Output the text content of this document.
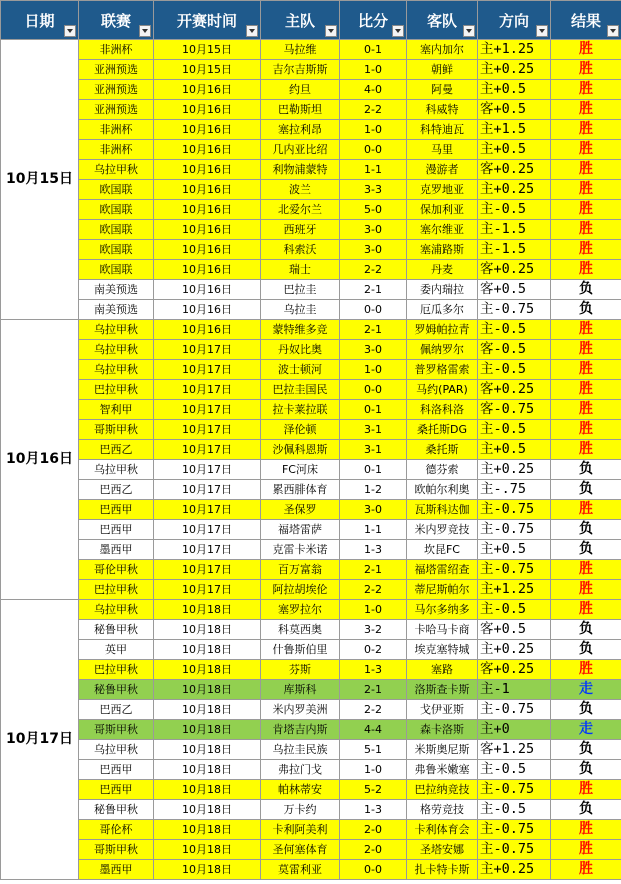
日期	联赛	开赛时间	主队	比分	客队	方向	结果

10月15日	非洲杯	10月15日	马拉维	0-1	塞内加尔	主+1.25	胜
	亚洲预选	10月15日	吉尔吉斯斯	1-0	朝鲜	主+0.25	胜
	亚洲预选	10月16日	约旦	4-0	阿曼	主+0.5	胜
	亚洲预选	10月16日	巴勒斯坦	2-2	科威特	客+0.5	胜
	非洲杯	10月16日	塞拉利昂	1-0	科特迪瓦	主+1.5	胜
	非洲杯	10月16日	几内亚比绍	0-0	马里	主+0.5	胜
	乌拉甲秋	10月16日	利物浦蒙特	1-1	漫游者	客+0.25	胜
	欧国联	10月16日	波兰	3-3	克罗地亚	主+0.25	胜
	欧国联	10月16日	北爱尔兰	5-0	保加利亚	主-0.5	胜
	欧国联	10月16日	西班牙	3-0	塞尔维亚	主-1.5	胜
	欧国联	10月16日	科索沃	3-0	塞浦路斯	主-1.5	胜
	欧国联	10月16日	瑞士	2-2	丹麦	客+0.25	胜
	南美预选	10月16日	巴拉圭	2-1	委内瑞拉	客+0.5	负
	南美预选	10月16日	乌拉圭	0-0	厄瓜多尔	主-0.75	负
10月16日	乌拉甲秋	10月16日	蒙特维多竞	2-1	罗姆帕拉青	主-0.5	胜
	乌拉甲秋	10月17日	丹奴比奥	3-0	佩纳罗尔	客-0.5	胜
	乌拉甲秋	10月17日	波士顿河	1-0	普罗格雷索	主-0.5	胜
	巴拉甲秋	10月17日	巴拉圭国民	0-0	马约(PAR)	客+0.25	胜
	智利甲	10月17日	拉卡莱拉联	0-1	科洛科洛	客-0.75	胜
	哥斯甲秋	10月17日	泽伦顿	3-1	桑托斯DG	主-0.5	胜
	巴西乙	10月17日	沙佩科恩斯	3-1	桑托斯	主+0.5	胜
	乌拉甲秋	10月17日	FC河床	0-1	德芬索	主+0.25	负
	巴西乙	10月17日	累西腓体育	1-2	欧帕尔利奥	主-.75	负
	巴西甲	10月17日	圣保罗	3-0	瓦斯科达伽	主-0.75	胜
	巴西甲	10月17日	福塔雷萨	1-1	米内罗竞技	主-0.75	负
	墨西甲	10月17日	克雷卡米诺	1-3	坎昆FC	主+0.5	负
	哥伦甲秋	10月17日	百万富翁	2-1	福塔雷绍查	主-0.75	胜
	巴拉甲秋	10月17日	阿拉胡埃伦	2-2	蒂尼斯帕尔	主+1.25	胜
10月17日	乌拉甲秋	10月18日	塞罗拉尔	1-0	马尔多纳多	主-0.5	胜
	秘鲁甲秋	10月18日	科莫西奥	3-2	卡哈马卡商	客+0.5	负
	英甲	10月18日	什鲁斯伯里	0-2	埃克塞特城	主+0.25	负
	巴拉甲秋	10月18日	芬斯	1-3	塞路	客+0.25	胜
	秘鲁甲秋	10月18日	库斯科	2-1	洛斯查卡斯	主-1	走
	巴西乙	10月18日	米内罗美洲	2-2	戈伊亚斯	主-0.75	负
	哥斯甲秋	10月18日	肯塔吉内斯	4-4	森卡洛斯	主+0	走
	乌拉甲秋	10月18日	乌拉圭民族	5-1	米斯奥尼斯	客+1.25	负
	巴西甲	10月18日	弗拉门戈	1-0	弗鲁米嫩塞	主-0.5	负
	巴西甲	10月18日	帕林蒂安	5-2	巴拉纳竞技	主-0.75	胜
	秘鲁甲秋	10月18日	万卡约	1-3	格劳竞技	主-0.5	负
	哥伦杯	10月18日	卡利阿美利	2-0	卡利体育会	主-0.75	胜
	哥斯甲秋	10月18日	圣何塞体育	2-0	圣塔安娜	主-0.75	胜
	墨西甲	10月18日	莫雷利亚	0-0	扎卡特卡斯	主+0.25	胜
